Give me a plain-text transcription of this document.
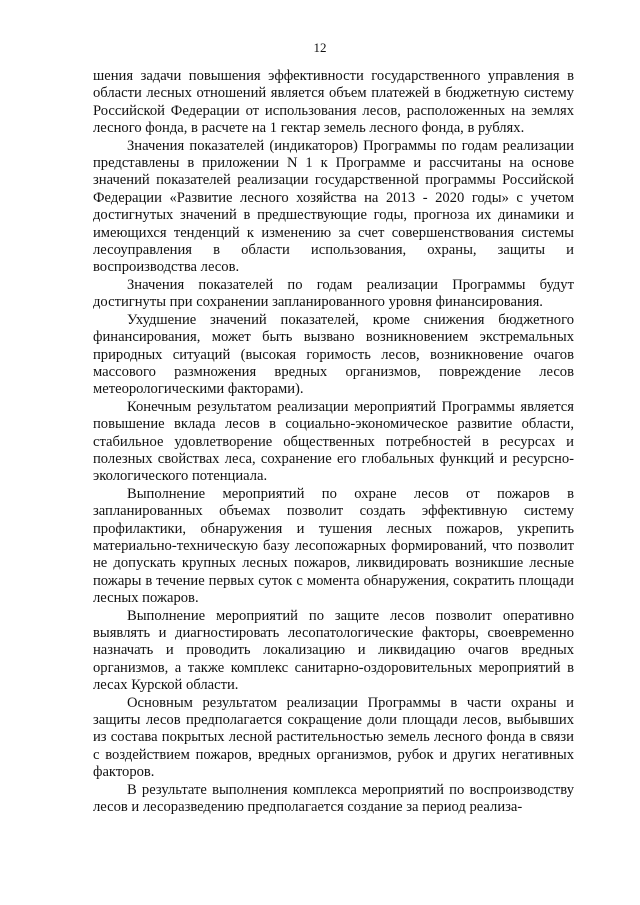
12

шения задачи повышения эффективности государственного управления в области лесных отношений является объем платежей в бюджетную систему Российской Федерации от использования лесов, расположенных на землях лесного фонда, в расчете на 1 гектар земель лесного фонда, в рублях.

Значения показателей (индикаторов) Программы по годам реализации представлены в приложении N 1 к Программе и рассчитаны на основе значений показателей реализации государственной программы Российской Федерации «Развитие лесного хозяйства на 2013 - 2020 годы» с учетом достигнутых значений в предшествующие годы, прогноза их динамики и имеющихся тенденций к изменению за счет совершенствования системы лесоуправления в области использования, охраны, защиты и воспроизводства лесов.

Значения показателей по годам реализации Программы будут достигнуты при сохранении запланированного уровня финансирования.

Ухудшение значений показателей, кроме снижения бюджетного финансирования, может быть вызвано возникновением экстремальных природных ситуаций (высокая горимость лесов, возникновение очагов массового размножения вредных организмов, повреждение лесов метеорологическими факторами).

Конечным результатом реализации мероприятий Программы является повышение вклада лесов в социально-экономическое развитие области, стабильное удовлетворение общественных потребностей в ресурсах и полезных свойствах леса, сохранение его глобальных функций и ресурсно-экологического потенциала.

Выполнение мероприятий по охране лесов от пожаров в запланированных объемах позволит создать эффективную систему профилактики, обнаружения и тушения лесных пожаров, укрепить материально-техническую базу лесопожарных формирований, что позволит не допускать крупных лесных пожаров, ликвидировать возникшие лесные пожары в течение первых суток с момента обнаружения, сократить площади лесных пожаров.

Выполнение мероприятий по защите лесов позволит оперативно выявлять и диагностировать лесопатологические факторы, своевременно назначать и проводить локализацию и ликвидацию очагов вредных организмов, а также комплекс санитарно-оздоровительных мероприятий в лесах Курской области.

Основным результатом реализации Программы в части охраны и защиты лесов предполагается сокращение доли площади лесов, выбывших из состава покрытых лесной растительностью земель лесного фонда в связи с воздействием пожаров, вредных организмов, рубок и других негативных факторов.

В результате выполнения комплекса мероприятий по воспроизводству лесов и лесоразведению предполагается создание за период реализа-
